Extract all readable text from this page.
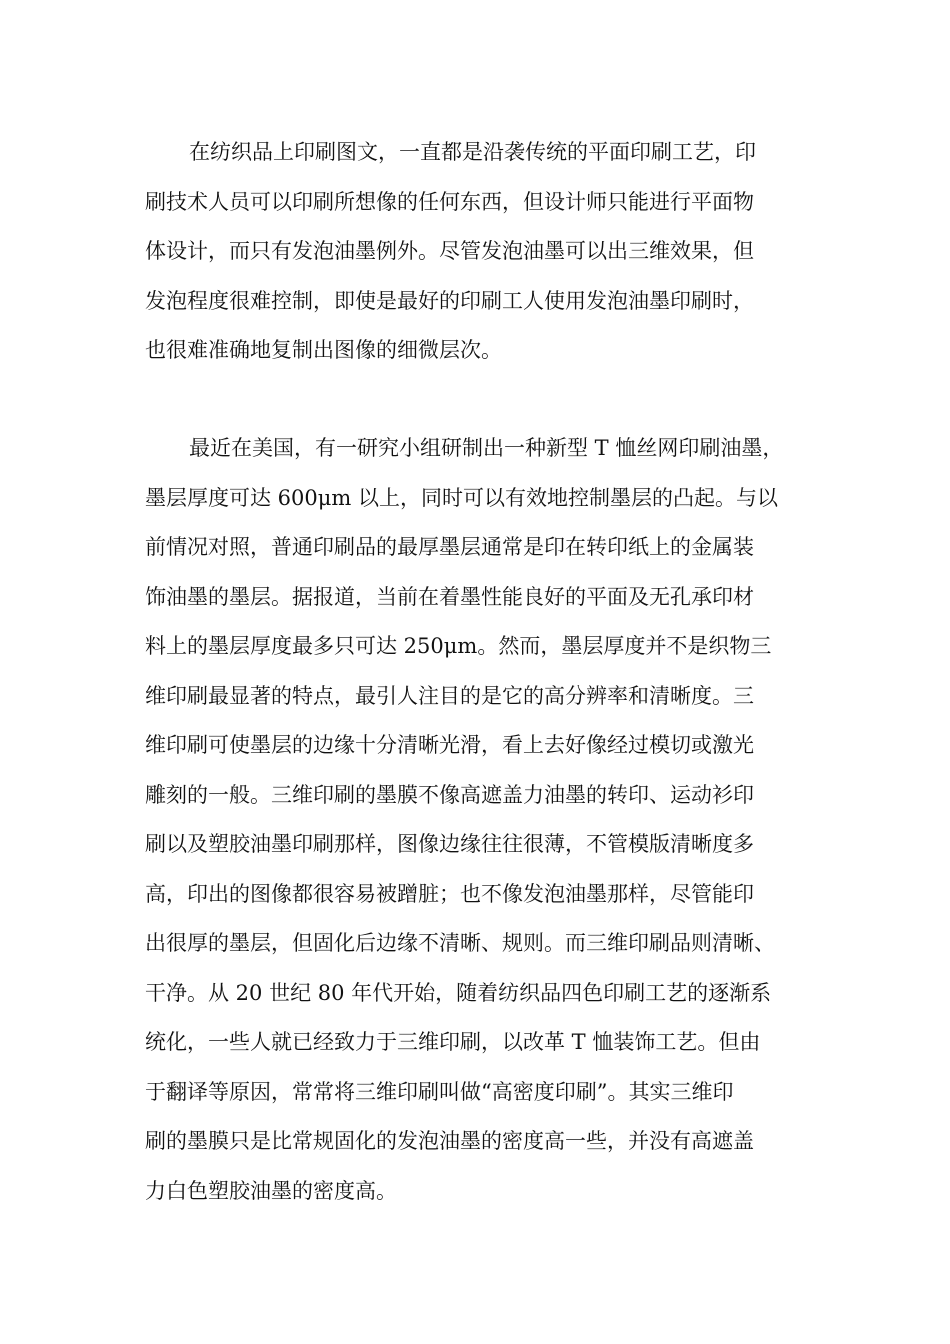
在纺织品上印刷图文，一直都是沿袭传统的平面印刷工艺，印
刷技术人员可以印刷所想像的任何东西，但设计师只能进行平面物
体设计，而只有发泡油墨例外。尽管发泡油墨可以出三维效果，但
发泡程度很难控制，即使是最好的印刷工人使用发泡油墨印刷时，
也很难准确地复制出图像的细微层次。
最近在美国，有一研究小组研制出一种新型 T 恤丝网印刷油墨，
墨层厚度可达 600μm 以上，同时可以有效地控制墨层的凸起。与以
前情况对照，普通印刷品的最厚墨层通常是印在转印纸上的金属装
饰油墨的墨层。据报道，当前在着墨性能良好的平面及无孔承印材
料上的墨层厚度最多只可达 250μm。然而，墨层厚度并不是织物三
维印刷最显著的特点，最引人注目的是它的高分辨率和清晰度。三
维印刷可使墨层的边缘十分清晰光滑，看上去好像经过模切或激光
雕刻的一般。三维印刷的墨膜不像高遮盖力油墨的转印、运动衫印
刷以及塑胶油墨印刷那样，图像边缘往往很薄，不管模版清晰度多
高，印出的图像都很容易被蹭脏；也不像发泡油墨那样，尽管能印
出很厚的墨层，但固化后边缘不清晰、规则。而三维印刷品则清晰、
干净。从 20 世纪 80 年代开始，随着纺织品四色印刷工艺的逐渐系
统化，一些人就已经致力于三维印刷，以改革 T 恤装饰工艺。但由
于翻译等原因，常常将三维印刷叫做“高密度印刷”。其实三维印
刷的墨膜只是比常规固化的发泡油墨的密度高一些，并没有高遮盖
力白色塑胶油墨的密度高。
